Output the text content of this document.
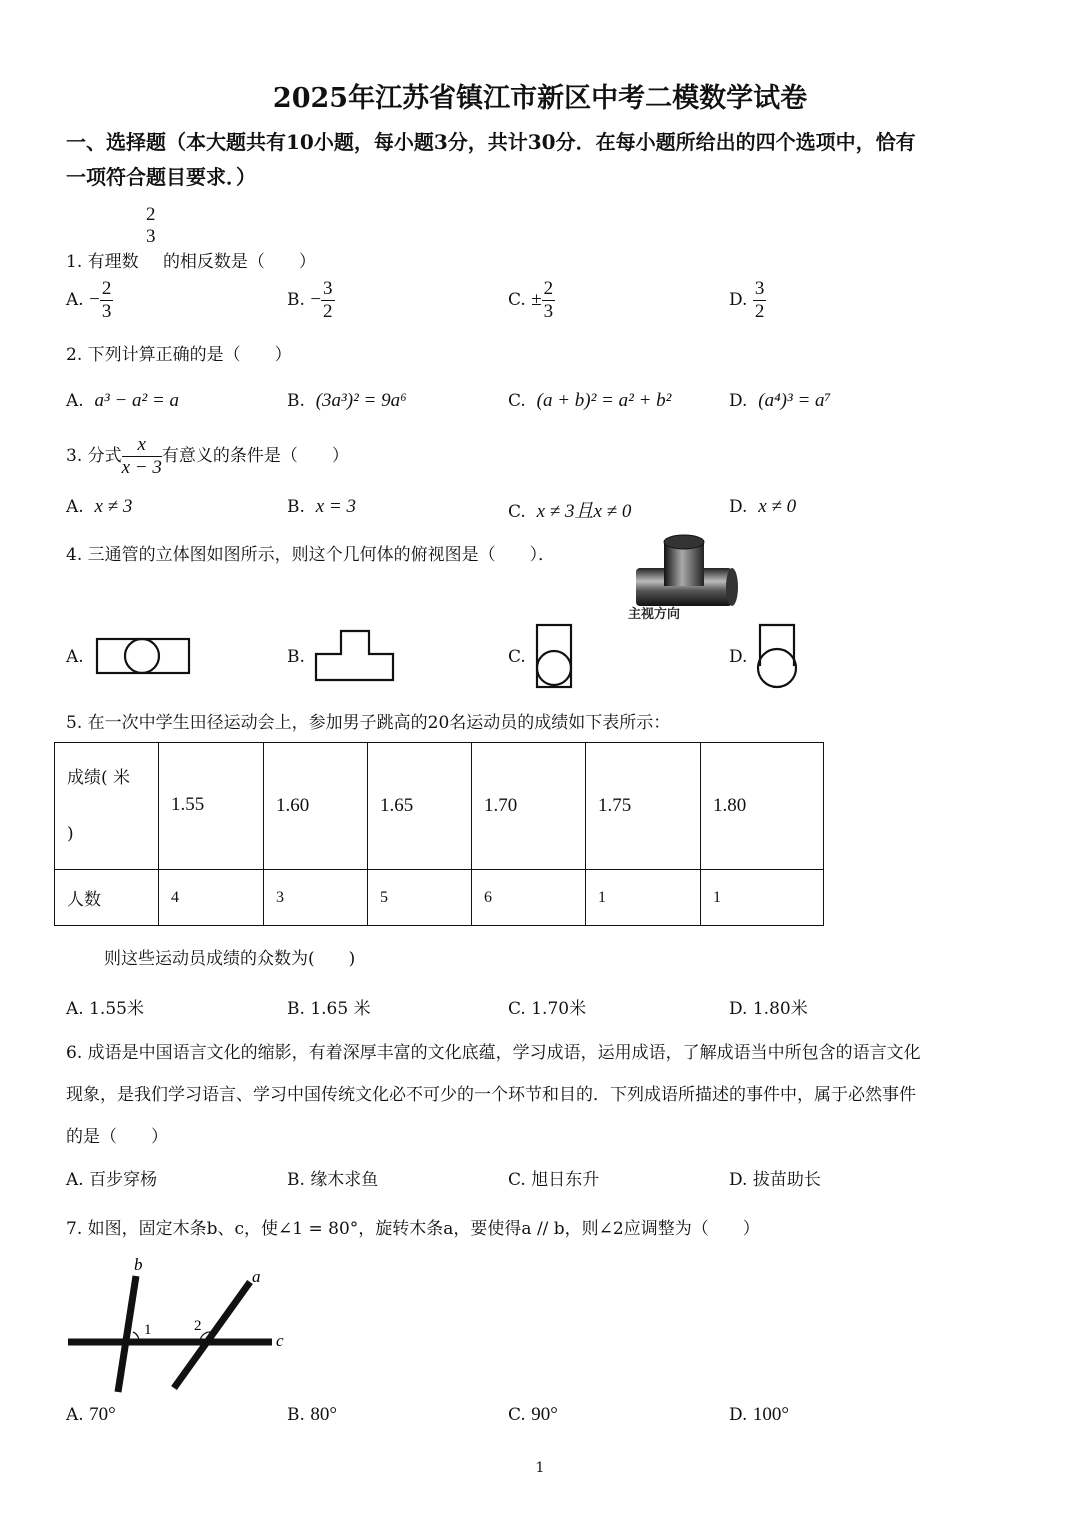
2025年江苏省镇江市新区中考二模数学试卷
一、选择题（本大题共有10小题，每小题3分，共计30分．在每小题所给出的四个选项中，恰有
一项符合题目要求．）
1. 有理数
2
3
的相反数是（　　）
A. − $\frac{2}{3}$	B. − $\frac{3}{2}$	C. ± $\frac{2}{3}$	D. $\frac{3}{2}$
2. 下列计算正确的是（　　）
A. a³ − a² = a	B. (3a³)² = 9a⁶	C. (a + b)² = a² + b²	D. (a⁴)³ = a⁷
3. 分式 $\frac{x}{x - 3}$ 有意义的条件是（　　）
A. x ≠ 3	B. x = 3	C. x ≠ 3且x ≠ 0	D. x ≠ 0
4. 三通管的立体图如图所示，则这个几何体的俯视图是（　　）．
主视方向
A.	B.	C.	D.
5. 在一次中学生田径运动会上，参加男子跳高的20名运动员的成绩如下表所示：
成绩( 米

)	1.55	1.60	1.65	1.70	1.75	1.80
人数	4	3	5	6	1	1
则这些运动员成绩的众数为(　　)
A. 1.55米	B. 1.65 米	C. 1.70米	D. 1.80米
6. 成语是中国语言文化的缩影，有着深厚丰富的文化底蕴，学习成语，运用成语，了解成语当中所包含的语言文化
现象，是我们学习语言、学习中国传统文化必不可少的一个环节和目的．下列成语所描述的事件中，属于必然事件
的是（　　）
A. 百步穿杨	B. 缘木求鱼	C. 旭日东升	D. 拔苗助长
7. 如图，固定木条b、c，使∠1 = 80°，旋转木条a，要使得a // b，则∠2应调整为（　　）
b
a
c
1	2
A. 70°	B. 80°	C. 90°	D. 100°
1
